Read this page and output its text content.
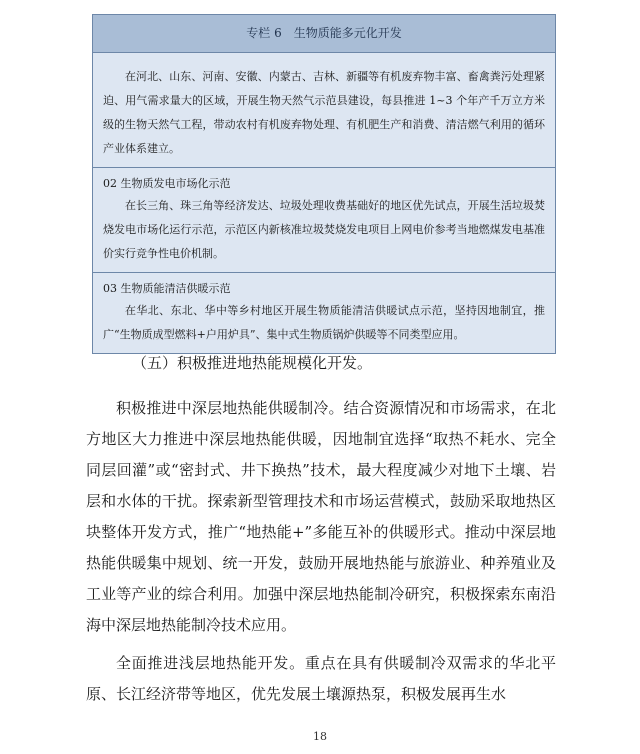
专栏 6　生物质能多元化开发
在河北、山东、河南、安徽、内蒙古、吉林、新疆等有机废弃物丰富、畜禽粪污处理紧迫、用气需求量大的区域，开展生物天然气示范县建设，每县推进 1~3 个年产千万立方米级的生物天然气工程，带动农村有机废弃物处理、有机肥生产和消费、清洁燃气利用的循环产业体系建立。
02 生物质发电市场化示范
在长三角、珠三角等经济发达、垃圾处理收费基础好的地区优先试点，开展生活垃圾焚烧发电市场化运行示范，示范区内新核准垃圾焚烧发电项目上网电价参考当地燃煤发电基准价实行竞争性电价机制。
03 生物质能清洁供暖示范
在华北、东北、华中等乡村地区开展生物质能清洁供暖试点示范，坚持因地制宜，推广“生物质成型燃料+户用炉具”、集中式生物质锅炉供暖等不同类型应用。
（五）积极推进地热能规模化开发。
积极推进中深层地热能供暖制冷。结合资源情况和市场需求，在北方地区大力推进中深层地热能供暖，因地制宜选择“取热不耗水、完全同层回灌”或“密封式、井下换热”技术，最大程度减少对地下土壤、岩层和水体的干扰。探索新型管理技术和市场运营模式，鼓励采取地热区块整体开发方式，推广“地热能+”多能互补的供暖形式。推动中深层地热能供暖集中规划、统一开发，鼓励开展地热能与旅游业、种养殖业及工业等产业的综合利用。加强中深层地热能制冷研究，积极探索东南沿海中深层地热能制冷技术应用。
全面推进浅层地热能开发。重点在具有供暖制冷双需求的华北平原、长江经济带等地区，优先发展土壤源热泵，积极发展再生水
18
